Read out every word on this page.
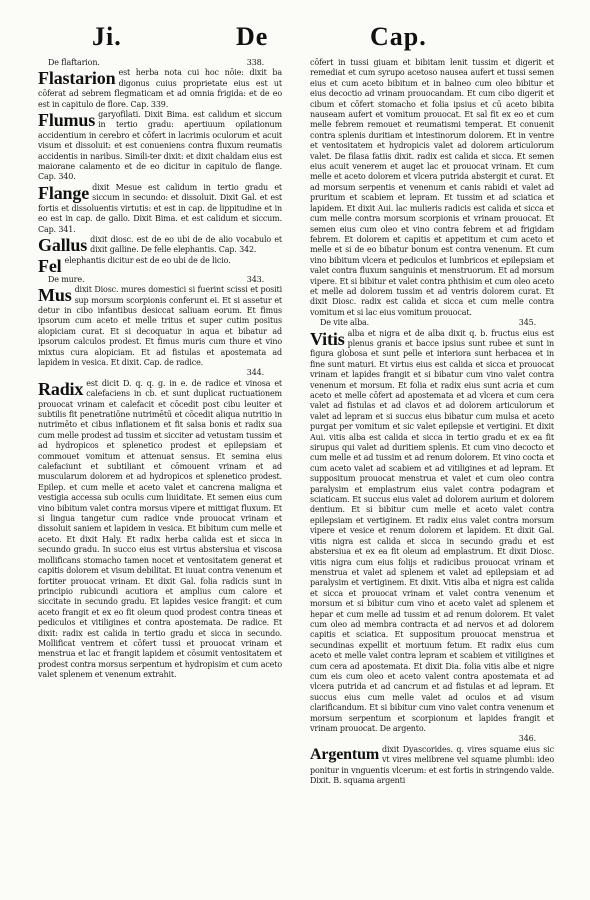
Ji.	De	Cap.
De flaftarion.	338.
Flastarion est herba nota cui hoc nōie: dixit ba digonus cuius proprietate eius est ut cōferat ad sebrem flegmaticam et ad omnia frigida: et de eo est in capitulo de flore. Cap. 339.
Flumus garyofilati. Dixit Bima. est calidum et siccum in tertio gradu: apertiuum opilationum accidentium in cerebro et cōfert in lacrimis oculorum et acuit visum et dissoluit: et est conueniens contra fluxum reumatis accidentis in naribus. Simili-ter dixit: et dixit chaldam eius est maiorane calamento et de eo dicitur in capitulo de flange. Cap. 340.
Flange dixit Mesue est calidum in tertio gradu et siccum in secundo: et dissoluit. Dixit Gal. et est fortis et dissoluentis virtutis: et est in cap. de lippitudine et in eo est in cap. de gallo. Dixit Bima. et est calidum et siccum. Cap. 341.
Gallus dixit diosc. est de eo ubi de de alio vocabulo et dixit galline. De felle elephantis. Cap. 342.
Fel elephantis dicitur est de eo ubi de de licio.
De mure.	343.
Mus dixit Diosc. mures domestici si fuerint scissi et positi sup morsum scorpionis conferunt ei. Et si assetur et detur in cibo infantibus desiccat saliuam eorum. Et fimus ipsorum cum aceto et melle tritus et super cutim positus alopiciam curat. Et si decoquatur in aqua et bibatur ad ipsorum calculos prodest. Et fimus muris cum thure et vino mixtus cura alopiciam. Et ad fistulas et apostemata ad lapidem in vesica. Et dixit. Cap. de radice.
344.
Radix est dicit D. q. q. g. in e. de radice et vinosa et calefaciens in cb. et sunt duplicat ructuationem prouocat vrinam et calefacit et cōcedit post cibu leuiter et subtilis fit penetratiōne nutrimētū et cōcedit aliqua nutritio in nutrimēto et cibus inflationem et fit salsa bonis et radix sua cum melle prodest ad tussim et sicciter ad vetustam tussim et ad hydropicos et splenetico prodest et epilepsiam et commouet vomitum et attenuat sensus. Et semina eius calefaciunt et subtiliant et cōmouent vrinam et ad muscularum dolorem et ad hydropicos et splenetico prodest. Epilep. et cum melle et aceto valet et cancrena maligna et vestigia accessa sub oculis cum liuiditate. Et semen eius cum vino bibitum valet contra morsus vipere et mittigat fluxum. Et si lingua tangetur cum radice vnde prouocat vrinam et dissoluit saniem et lapidem in vesica. Et bibitum cum melle et aceto. Et dixit Haly. Et radix herba calida est et sicca in secundo gradu. In succo eius est virtus abstersiua et viscosa mollificans stomacho tamen nocet et ventositatem generat et capitis dolorem et visum debilitat. Et iuuat contra venenum et fortiter prouocat vrinam. Et dixit Gal. folia radicis sunt in principio rubicundi acutiora et amplius cum calore et siccitate in secundo gradu. Et lapides vesice frangit: et cum aceto frangit et ex eo fit oleum quod prodest contra tineas et pediculos et vitiligines et contra apostemata. De radice. Et dixit: radix est calida in tertio gradu et sicca in secundo. Mollificat ventrem et cōfert tussi et prouocat vrinam et menstrua et lac et frangit lapidem et cōsumit ventositatem et prodest contra morsus serpentum et hydropisim et cum aceto valet splenem et venenum extrahit.
cōfert in tussi giuam et bibitam lenit tussim et digerit et remediat et cum syrupo acetoso nausea aufert et tussi semen eius et cum aceto bibitum et in balneo cum oleo bibitur et eius decoctio ad vrinam prouocandam. Et cum cibo digerit et cibum et cōfert stomacho et folia ipsius et cū aceto bibita nauseam aufert et vomitum prouocat. Et sal fit ex eo et cum melle febrem remouet et reumatismi temperat. Et conuenit contra splenis duritiam et intestinorum dolorem. Et in ventre et ventositatem et hydropicis valet ad dolorem articulorum valet. De filasa fatiis dixit. radix est calida et sicca. Et semen eius acuit venerem et auget lac et prouocat vrinam. Et cum melle et aceto dolorem et vlcera putrida abstergit et curat. Et ad morsum serpentis et venenum et canis rabidi et valet ad pruritum et scabiem et lepram. Et tussim et ad sciatica et lapidem. Et dixit Aui. lac mulieris radicis est calida et sicca et cum melle contra morsum scorpionis et vrinam prouocat. Et semen eius cum oleo et vino contra febrem et ad frigidam febrem. Et dolorem et capitis et appetitum et cum aceto et melle et si de eo bibatur bonum est contra venenum. Et cum vino bibitum vlcera et pediculos et lumbricos et epilepsiam et valet contra fluxum sanguinis et menstruorum. Et ad morsum vipere. Et si bibitur et valet contra phthisim et cum oleo aceto et melle ad dolorem tussim et ad ventris dolorem curat. Et dixit Diosc. radix est calida et sicca et cum melle contra vomitum et si lac eius vomitum prouocat.
De vite alba.	345.
Vitis alba et nigra et de alba dixit q. b. fructus eius est plenus granis et bacce ipsius sunt rubee et sunt in figura globosa et sunt pelle et interiora sunt herbacea et in fine sunt maturi. Et virtus eius est calida et sicca et prouocat vrinam et lapides frangit et si bibatur cum vino valet contra venenum et morsum. Et folia et radix eius sunt acria et cum aceto et melle cōfert ad apostemata et ad vlcera et cum cera valet ad fistulas et ad clavos et ad dolorem articulorum et valet ad lepram et si succus eius bibatur cum mulsa et aceto purgat per vomitum et sic valet epilepsie et vertigini. Et dixit Aui. vitis alba est calida et sicca in tertio gradu et ex ea fit sirupus qui valet ad duritiem splenis. Et cum vino decocto et cum melle et ad tussim et ad renum dolorem. Et vino cocta et cum aceto valet ad scabiem et ad vitiligines et ad lepram. Et suppositum prouocat menstrua et valet et cum oleo contra paralysim et emplastrum eius valet contra podagram et sciaticam. Et succus eius valet ad dolorem aurium et dolorem dentium. Et si bibitur cum melle et aceto valet contra epilepsiam et vertiginem. Et radix eius valet contra morsum vipere et vesice et renum dolorem et lapidem. Et dixit Gal. vitis nigra est calida et sicca in secundo gradu et est abstersiua et ex ea fit oleum ad emplastrum. Et dixit Diosc. vitis nigra cum eius folijs et radicibus prouocat vrinam et menstrua et valet ad splenem et valet ad epilepsiam et ad paralysim et vertiginem. Et dixit. Vitis alba et nigra est calida et sicca et prouocat vrinam et valet contra venenum et morsum et si bibitur cum vino et aceto valet ad splenem et hepar et cum melle ad tussim et ad renum dolorem. Et valet cum oleo ad membra contracta et ad nervos et ad dolorem capitis et sciatica. Et suppositum prouocat menstrua et secundinas expellit et mortuum fetum. Et radix eius cum aceto et melle valet contra lepram et scabiem et vitiligines et cum cera ad apostemata. Et dixit Dia. folia vitis albe et nigre cum eis cum oleo et aceto valent contra apostemata et ad vlcera putrida et ad cancrum et ad fistulas et ad lepram. Et succus eius cum melle valet ad oculos et ad visum clarificandum. Et si bibitur cum vino valet contra venenum et morsum serpentum et scorpionum et lapides frangit et vrinam prouocat. De argento.
346.
Argentum dixit Dyascorides. q. vires squame eius sic vt vires melibrene vel squame plumbi: ideo ponitur in vnguentis vlcerum: et est fortis in stringendo valde. Dixit. B. squama argenti
